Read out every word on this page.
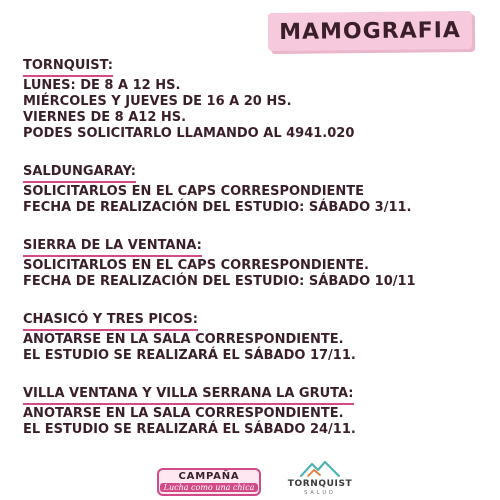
MAMOGRAFIA
TORNQUIST:
LUNES: DE 8 A 12 HS.
MIÉRCOLES Y JUEVES DE 16 A 20 HS.
VIERNES DE 8 A12 HS.
PODES SOLICITARLO LLAMANDO AL 4941.020
SALDUNGARAY:
SOLICITARLOS EN EL CAPS CORRESPONDIENTE
FECHA DE REALIZACIÓN DEL ESTUDIO: SÁBADO 3/11.
SIERRA DE LA VENTANA:
SOLICITARLOS EN EL CAPS CORRESPONDIENTE.
FECHA DE REALIZACIÓN DEL ESTUDIO: SÁBADO 10/11
CHASICÓ Y TRES PICOS:
ANOTARSE EN LA SALA CORRESPONDIENTE.
EL ESTUDIO SE REALIZARÁ EL SÁBADO 17/11.
VILLA VENTANA Y VILLA SERRANA LA GRUTA:
ANOTARSE EN LA SALA CORRESPONDIENTE.
EL ESTUDIO SE REALIZARÁ EL SÁBADO 24/11.
CAMPAÑA
Lucha como una chica	TORNQUIST
SALUD
